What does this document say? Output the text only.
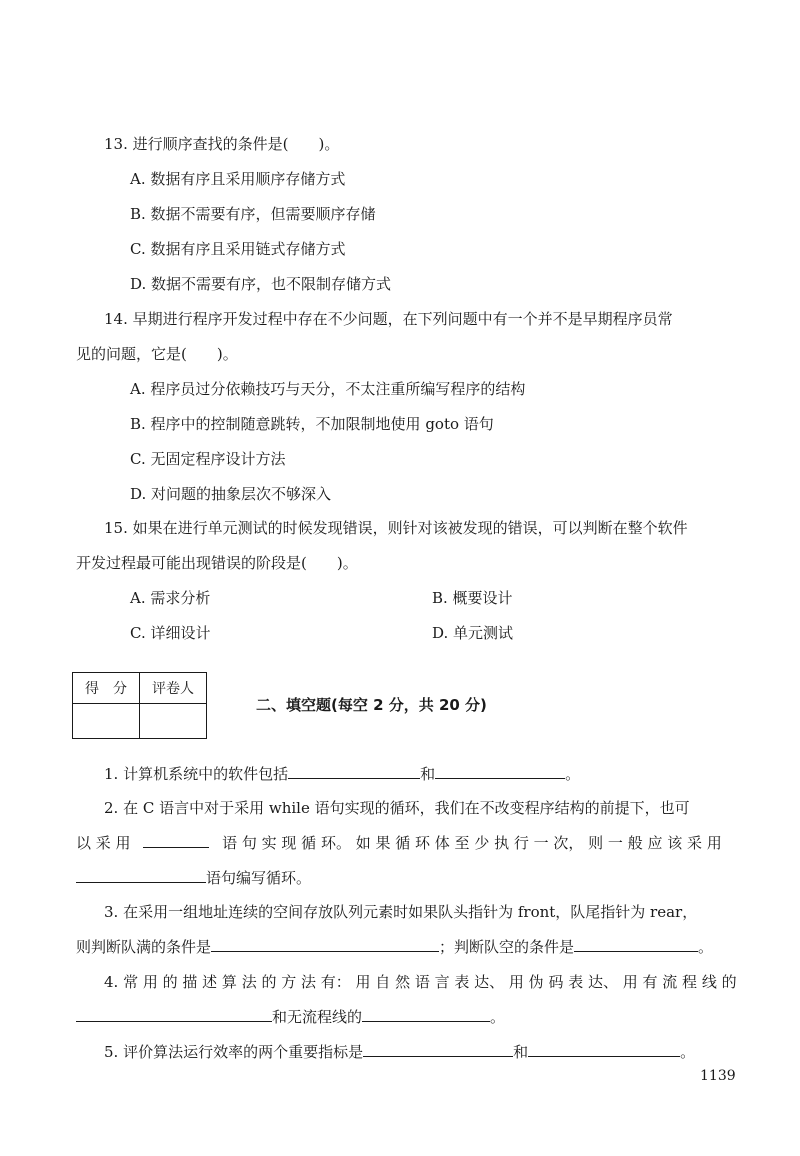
13. 进行顺序查找的条件是(　　)。
A. 数据有序且采用顺序存储方式
B. 数据不需要有序，但需要顺序存储
C. 数据有序且采用链式存储方式
D. 数据不需要有序，也不限制存储方式
14. 早期进行程序开发过程中存在不少问题，在下列问题中有一个并不是早期程序员常
见的问题，它是(　　)。
A. 程序员过分依赖技巧与天分，不太注重所编写程序的结构
B. 程序中的控制随意跳转，不加限制地使用 goto 语句
C. 无固定程序设计方法
D. 对问题的抽象层次不够深入
15. 如果在进行单元测试的时候发现错误，则针对该被发现的错误，可以判断在整个软件
开发过程最可能出现错误的阶段是(　　)。
A. 需求分析	B. 概要设计
C. 详细设计	D. 单元测试
得　分	评卷人

二、填空题(每空 2 分，共 20 分)
1. 计算机系统中的软件包括	和	。
2. 在 C 语言中对于采用 while 语句实现的循环，我们在不改变程序结构的前提下，也可
以 采 用	语 句 实 现 循 环。 如 果 循 环 体 至 少 执 行 一 次， 则 一 般 应 该 采 用
语句编写循环。
3. 在采用一组地址连续的空间存放队列元素时如果队头指针为 front，队尾指针为 rear，
则判断队满的条件是	；判断队空的条件是	。
4. 常 用 的 描 述 算 法 的 方 法 有： 用 自 然 语 言 表 达、 用 伪 码 表 达、 用 有 流 程 线 的
和无流程线的	。
5. 评价算法运行效率的两个重要指标是	和	。
1139
